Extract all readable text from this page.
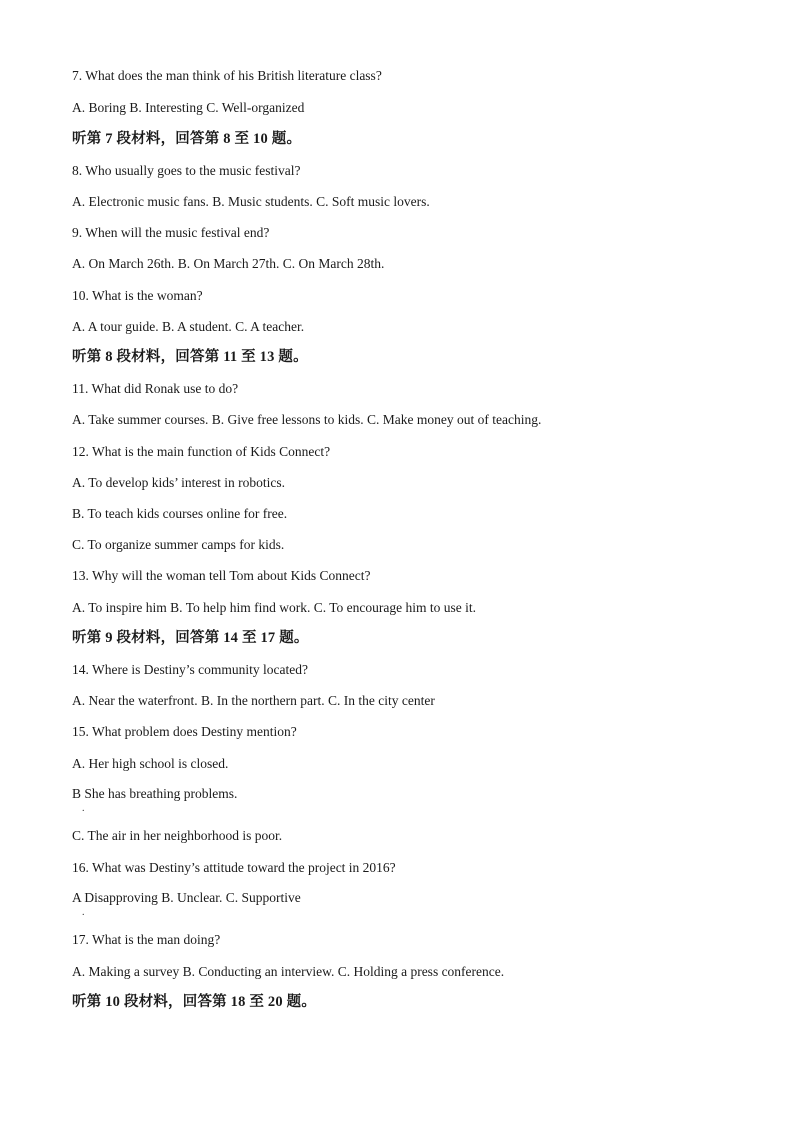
7. What does the man think of his British literature class?
A. Boring B. Interesting C. Well-organized
听第 7 段材料，回答第 8 至 10 题。
8. Who usually goes to the music festival?
A. Electronic music fans. B. Music students. C. Soft music lovers.
9. When will the music festival end?
A. On March 26th. B. On March 27th. C. On March 28th.
10. What is the woman?
A. A tour guide. B. A student. C. A teacher.
听第 8 段材料，回答第 11 至 13 题。
11. What did Ronak use to do?
A. Take summer courses. B. Give free lessons to kids. C. Make money out of teaching.
12. What is the main function of Kids Connect?
A. To develop kids’ interest in robotics.
B. To teach kids courses online for free.
C. To organize summer camps for kids.
13. Why will the woman tell Tom about Kids Connect?
A. To inspire him B. To help him find work. C. To encourage him to use it.
听第 9 段材料，回答第 14 至 17 题。
14. Where is Destiny’s community located?
A. Near the waterfront. B. In the northern part. C. In the city center
15. What problem does Destiny mention?
A. Her high school is closed.
B She has breathing problems.
.
C. The air in her neighborhood is poor.
16. What was Destiny’s attitude toward the project in 2016?
A Disapproving B. Unclear. C. Supportive
.
17. What is the man doing?
A. Making a survey B. Conducting an interview. C. Holding a press conference.
听第 10 段材料，回答第 18 至 20 题。
